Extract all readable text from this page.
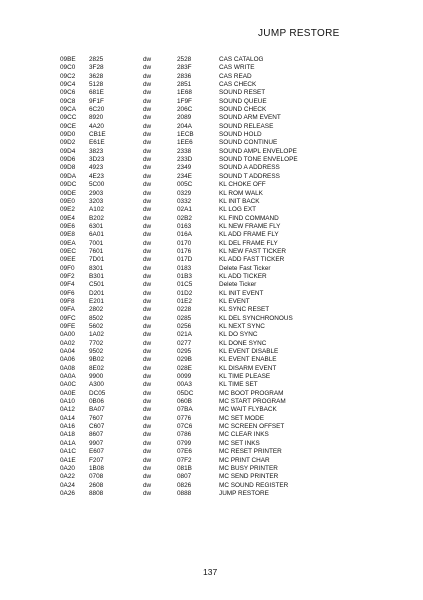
JUMP RESTORE
09BE 2825	dw	2528	CAS CATALOG
09C0 3F28	dw	283F	CAS WRITE
09C2 3628	dw	2836	CAS READ
09C4 5128	dw	2851	CAS CHECK
09C6 681E	dw	1E68	SOUND RESET
09C8 9F1F	dw	1F9F	SOUND QUEUE
09CA 6C20	dw	206C	SOUND CHECK
09CC 8920	dw	2089	SOUND ARM EVENT
09CE 4A20	dw	204A	SOUND RELEASE
09D0 CB1E	dw	1ECB	SOUND HOLD
09D2 E61E	dw	1EE6	SOUND CONTINUE
09D4 3823	dw	2338	SOUND AMPL ENVELOPE
09D6 3D23	dw	233D	SOUND TONE ENVELOPE
09D8 4923	dw	2349	SOUND A ADDRESS
09DA 4E23	dw	234E	SOUND T ADDRESS
09DC 5C00	dw	005C	KL CHOKE OFF
09DE 2903	dw	0329	KL ROM WALK
09E0 3203	dw	0332	KL INIT BACK
09E2 A102	dw	02A1	KL LOG EXT
09E4 B202	dw	02B2	KL FIND COMMAND
09E6 6301	dw	0163	KL NEW FRAME FLY
09E8 6A01	dw	016A	KL ADD FRAME FLY
09EA 7001	dw	0170	KL DEL FRAME FLY
09EC 7601	dw	0176	KL NEW FAST TICKER
09EE 7D01	dw	017D	KL ADD FAST TICKER
09F0 8301	dw	0183	Delete Fast Ticker
09F2 B301	dw	01B3	KL ADD TICKER
09F4 C501	dw	01C5	Delete Ticker
09F6 D201	dw	01D2	KL INIT EVENT
09F8 E201	dw	01E2	KL EVENT
09FA 2802	dw	0228	KL SYNC RESET
09FC 8502	dw	0285	KL DEL SYNCHRONOUS
09FE 5602	dw	0256	KL NEXT SYNC
0A00 1A02	dw	021A	KL DO SYNC
0A02 7702	dw	0277	KL DONE SYNC
0A04 9502	dw	0295	KL EVENT DISABLE
0A06 9B02	dw	029B	KL EVENT ENABLE
0A08 8E02	dw	028E	KL DISARM EVENT
0A0A 9900	dw	0099	KL TIME PLEASE
0A0C A300	dw	00A3	KL TIME SET
0A0E DC05	dw	05DC	MC BOOT PROGRAM
0A10 0B06	dw	060B	MC START PROGRAM
0A12 BA07	dw	07BA	MC WAIT FLYBACK
0A14 7607	dw	0776	MC SET MODE
0A16 C607	dw	07C6	MC SCREEN OFFSET
0A18 8607	dw	0786	MC CLEAR INKS
0A1A 9907	dw	0799	MC SET INKS
0A1C E607	dw	07E6	MC RESET PRINTER
0A1E F207	dw	07F2	MC PRINT CHAR
0A20 1B08	dw	081B	MC BUSY PRINTER
0A22 0708	dw	0807	MC SEND PRINTER
0A24 2608	dw	0826	MC SOUND REGISTER
0A26 8808	dw	0888	JUMP RESTORE
137
